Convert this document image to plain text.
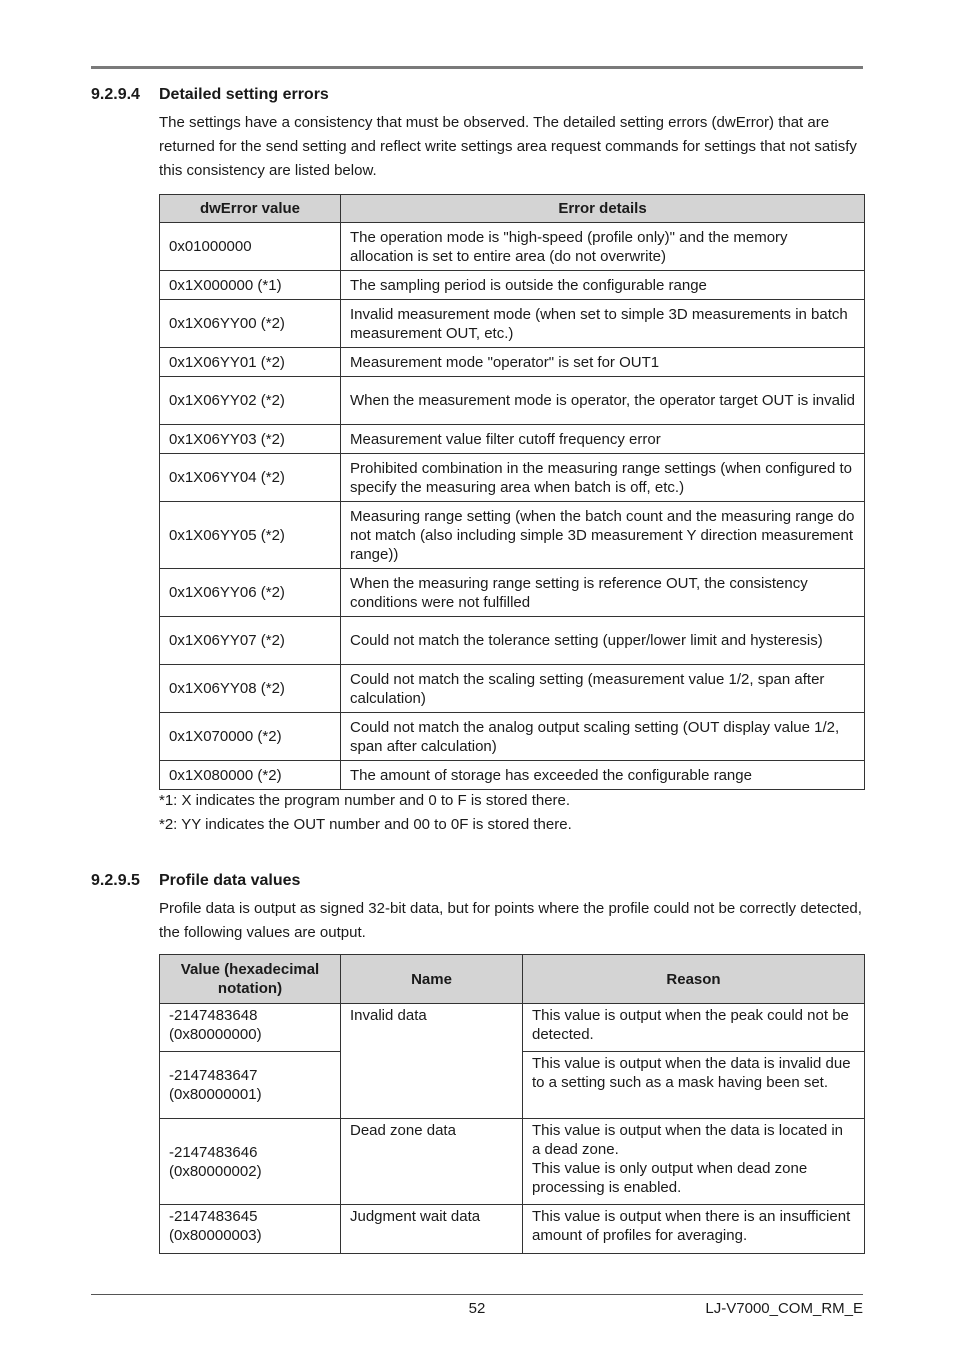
9.2.9.4 Detailed setting errors
The settings have a consistency that must be observed. The detailed setting errors (dwError) that are returned for the send setting and reflect write settings area request commands for settings that not satisfy this consistency are listed below.
dwError value	Error details
0x01000000	The operation mode is "high-speed (profile only)" and the memory allocation is set to entire area (do not overwrite)
0x1X000000 (*1)	The sampling period is outside the configurable range
0x1X06YY00 (*2)	Invalid measurement mode (when set to simple 3D measurements in batch measurement OUT, etc.)
0x1X06YY01 (*2)	Measurement mode "operator" is set for OUT1
0x1X06YY02 (*2)	When the measurement mode is operator, the operator target OUT is invalid
0x1X06YY03 (*2)	Measurement value filter cutoff frequency error
0x1X06YY04 (*2)	Prohibited combination in the measuring range settings (when configured to specify the measuring area when batch is off, etc.)
0x1X06YY05 (*2)	Measuring range setting (when the batch count and the measuring range do not match (also including simple 3D measurement Y direction measurement range))
0x1X06YY06 (*2)	When the measuring range setting is reference OUT, the consistency conditions were not fulfilled
0x1X06YY07 (*2)	Could not match the tolerance setting (upper/lower limit and hysteresis)
0x1X06YY08 (*2)	Could not match the scaling setting (measurement value 1/2, span after calculation)
0x1X070000 (*2)	Could not match the analog output scaling setting (OUT display value 1/2, span after calculation)
0x1X080000 (*2)	The amount of storage has exceeded the configurable range
*1: X indicates the program number and 0 to F is stored there.
*2: YY indicates the OUT number and 00 to 0F is stored there.
9.2.9.5 Profile data values
Profile data is output as signed 32-bit data, but for points where the profile could not be correctly detected, the following values are output.
Value (hexadecimal notation)	Name	Reason
-2147483648
(0x80000000)	Invalid data	This value is output when the peak could not be detected.
-2147483647
(0x80000001)		This value is output when the data is invalid due to a setting such as a mask having been set.
-2147483646
(0x80000002)	Dead zone data	This value is output when the data is located in a dead zone.
This value is only output when dead zone processing is enabled.
-2147483645
(0x80000003)	Judgment wait data	This value is output when there is an insufficient amount of profiles for averaging.
52	LJ-V7000_COM_RM_E
